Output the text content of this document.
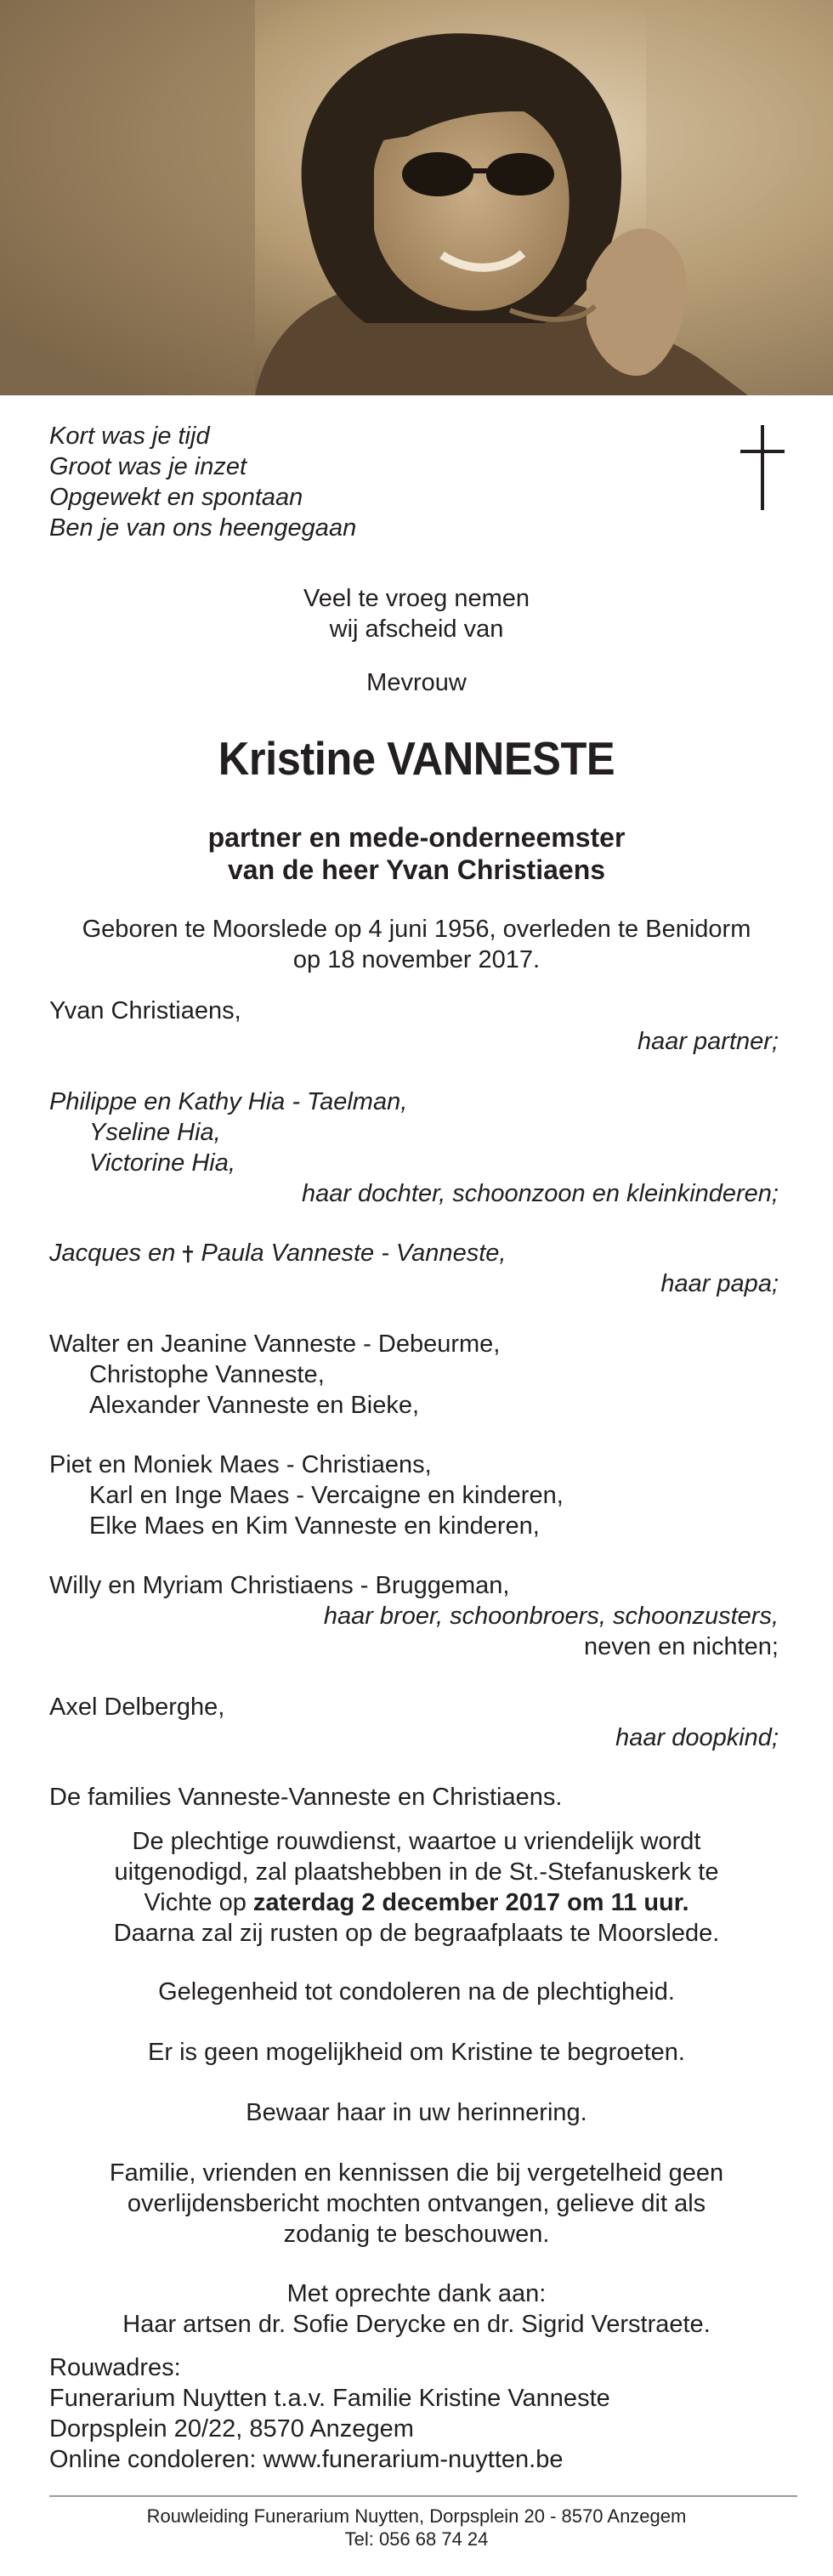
Kort was je tijd
Groot was je inzet
Opgewekt en spontaan
Ben je van ons heengegaan
Veel te vroeg nemen
wij afscheid van
Mevrouw
Kristine VANNESTE
partner en mede-onderneemster
van de heer Yvan Christiaens
Geboren te Moorslede op 4 juni 1956, overleden te Benidorm
op 18 november 2017.
Yvan Christiaens,
haar partner;
Philippe en Kathy Hia - Taelman,
Yseline Hia,
Victorine Hia,
haar dochter, schoonzoon en kleinkinderen;
Jacques en  Paula Vanneste - Vanneste,
haar papa;
Walter en Jeanine Vanneste - Debeurme,
Christophe Vanneste,
Alexander Vanneste en Bieke,
Piet en Moniek Maes - Christiaens,
Karl en Inge Maes - Vercaigne en kinderen,
Elke Maes en Kim Vanneste en kinderen,
Willy en Myriam Christiaens - Bruggeman,
haar broer, schoonbroers, schoonzusters,
neven en nichten;
Axel Delberghe,
haar doopkind;
De families Vanneste-Vanneste en Christiaens.
De plechtige rouwdienst, waartoe u vriendelijk wordt
uitgenodigd, zal plaatshebben in de St.-Stefanuskerk te
Vichte op zaterdag 2 december 2017 om 11 uur.
Daarna zal zij rusten op de begraafplaats te Moorslede.
Gelegenheid tot condoleren na de plechtigheid.
Er is geen mogelijkheid om Kristine te begroeten.
Bewaar haar in uw herinnering.
Familie, vrienden en kennissen die bij vergetelheid geen
overlijdensbericht mochten ontvangen, gelieve dit als
zodanig te beschouwen.
Met oprechte dank aan:
Haar artsen dr. Sofie Derycke en dr. Sigrid Verstraete.
Rouwadres:
Funerarium Nuytten t.a.v. Familie Kristine Vanneste
Dorpsplein 20/22, 8570 Anzegem
Online condoleren: www.funerarium-nuytten.be
Rouwleiding Funerarium Nuytten, Dorpsplein 20 - 8570 Anzegem
Tel: 056 68 74 24
